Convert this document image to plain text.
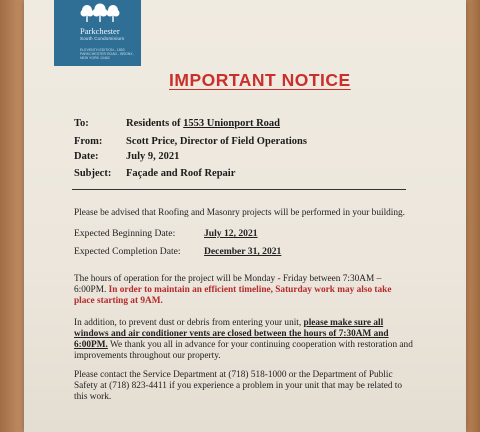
Parkchester
South Condominium
ELEVENTH EDITION - 1553 PARKCHESTER ROAD - BRONX, NEW YORK 10462
IMPORTANT NOTICE
To:	Residents of 1553 Unionport Road
From: Scott Price, Director of Field Operations
Date:	July 9, 2021
Subject: Façade and Roof Repair
Please be advised that Roofing and Masonry projects will be performed in your building.
Expected Beginning Date:	July 12, 2021
Expected Completion Date: December 31, 2021
The hours of operation for the project will be Monday - Friday between 7:30AM – 6:00PM. In order to maintain an efficient timeline, Saturday work may also take place starting at 9AM.
In addition, to prevent dust or debris from entering your unit, please make sure all windows and air conditioner vents are closed between the hours of 7:30AM and 6:00PM. We thank you all in advance for your continuing cooperation with restoration and improvements throughout our property.
Please contact the Service Department at (718) 518-1000 or the Department of Public Safety at (718) 823-4411 if you experience a problem in your unit that may be related to this work.
